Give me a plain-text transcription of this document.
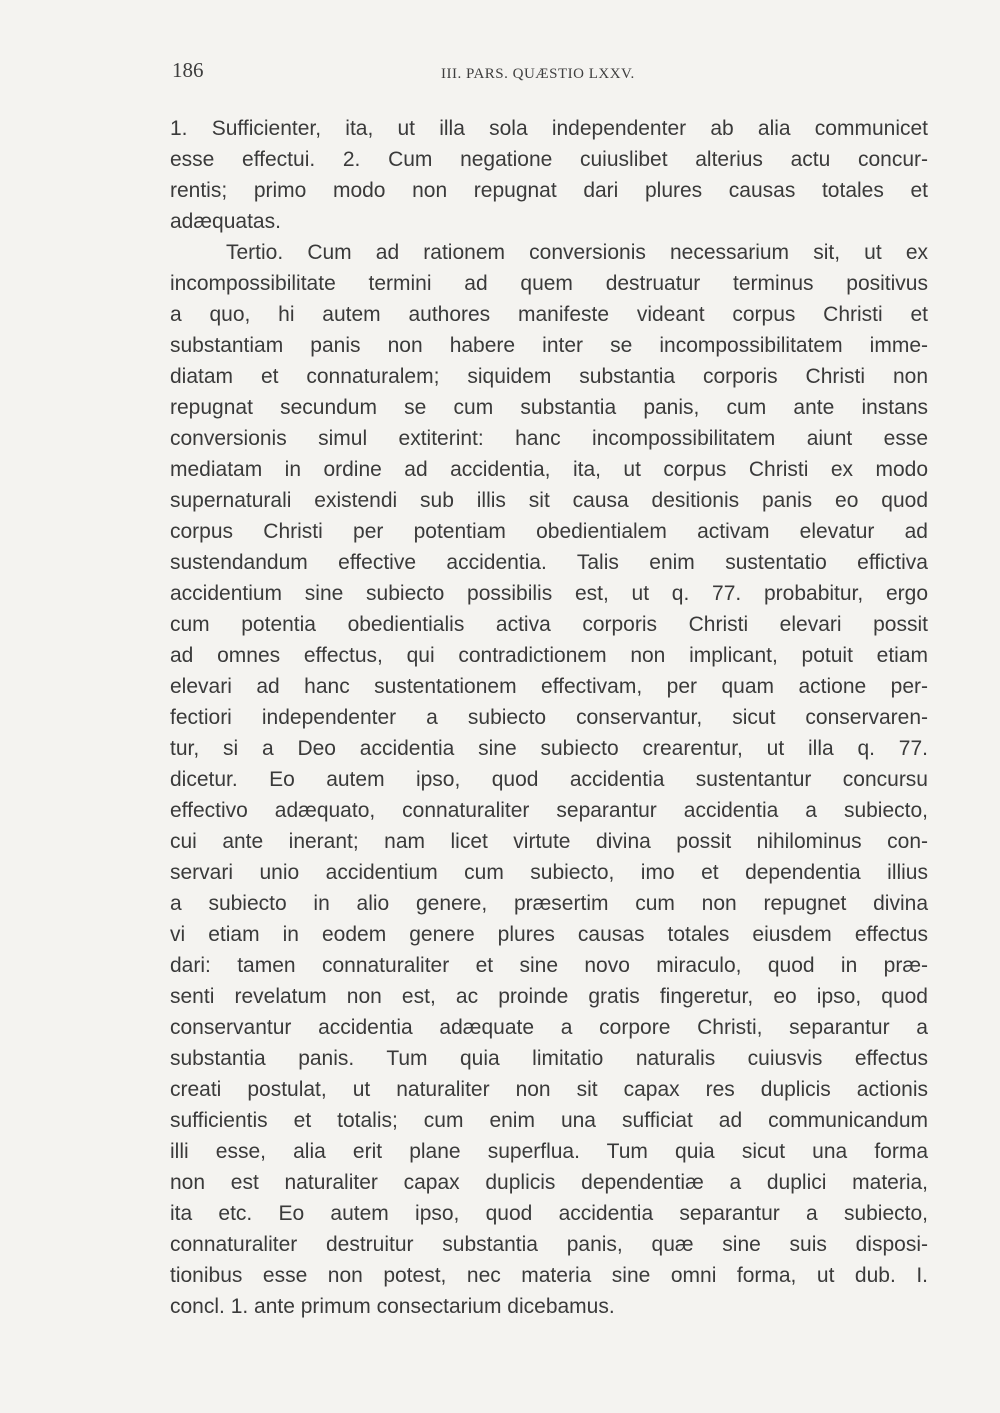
186	III. PARS. QUÆSTIO LXXV.
1. Sufficienter, ita, ut illa sola independenter ab alia communicet
esse effectui. 2. Cum negatione cuiuslibet alterius actu concur-
rentis; primo modo non repugnat dari plures causas totales et
adæquatas.
Tertio. Cum ad rationem conversionis necessarium sit, ut ex
incompossibilitate termini ad quem destruatur terminus positivus
a quo, hi autem authores manifeste videant corpus Christi et
substantiam panis non habere inter se incompossibilitatem imme-
diatam et connaturalem; siquidem substantia corporis Christi non
repugnat secundum se cum substantia panis, cum ante instans
conversionis simul extiterint: hanc incompossibilitatem aiunt esse
mediatam in ordine ad accidentia, ita, ut corpus Christi ex modo
supernaturali existendi sub illis sit causa desitionis panis eo quod
corpus Christi per potentiam obedientialem activam elevatur ad
sustendandum effective accidentia. Talis enim sustentatio effictiva
accidentium sine subiecto possibilis est, ut q. 77. probabitur, ergo
cum potentia obedientialis activa corporis Christi elevari possit
ad omnes effectus, qui contradictionem non implicant, potuit etiam
elevari ad hanc sustentationem effectivam, per quam actione per-
fectiori independenter a subiecto conservantur, sicut conservaren-
tur, si a Deo accidentia sine subiecto crearentur, ut illa q. 77.
dicetur. Eo autem ipso, quod accidentia sustentantur concursu
effectivo adæquato, connaturaliter separantur accidentia a subiecto,
cui ante inerant; nam licet virtute divina possit nihilominus con-
servari unio accidentium cum subiecto, imo et dependentia illius
a subiecto in alio genere, præsertim cum non repugnet divina
vi etiam in eodem genere plures causas totales eiusdem effectus
dari: tamen connaturaliter et sine novo miraculo, quod in præ-
senti revelatum non est, ac proinde gratis fingeretur, eo ipso, quod
conservantur accidentia adæquate a corpore Christi, separantur a
substantia panis. Tum quia limitatio naturalis cuiusvis effectus
creati postulat, ut naturaliter non sit capax res duplicis actionis
sufficientis et totalis; cum enim una sufficiat ad communicandum
illi esse, alia erit plane superflua. Tum quia sicut una forma
non est naturaliter capax duplicis dependentiæ a duplici materia,
ita etc. Eo autem ipso, quod accidentia separantur a subiecto,
connaturaliter destruitur substantia panis, quæ sine suis disposi-
tionibus esse non potest, nec materia sine omni forma, ut dub. I.
concl. 1. ante primum consectarium dicebamus.
